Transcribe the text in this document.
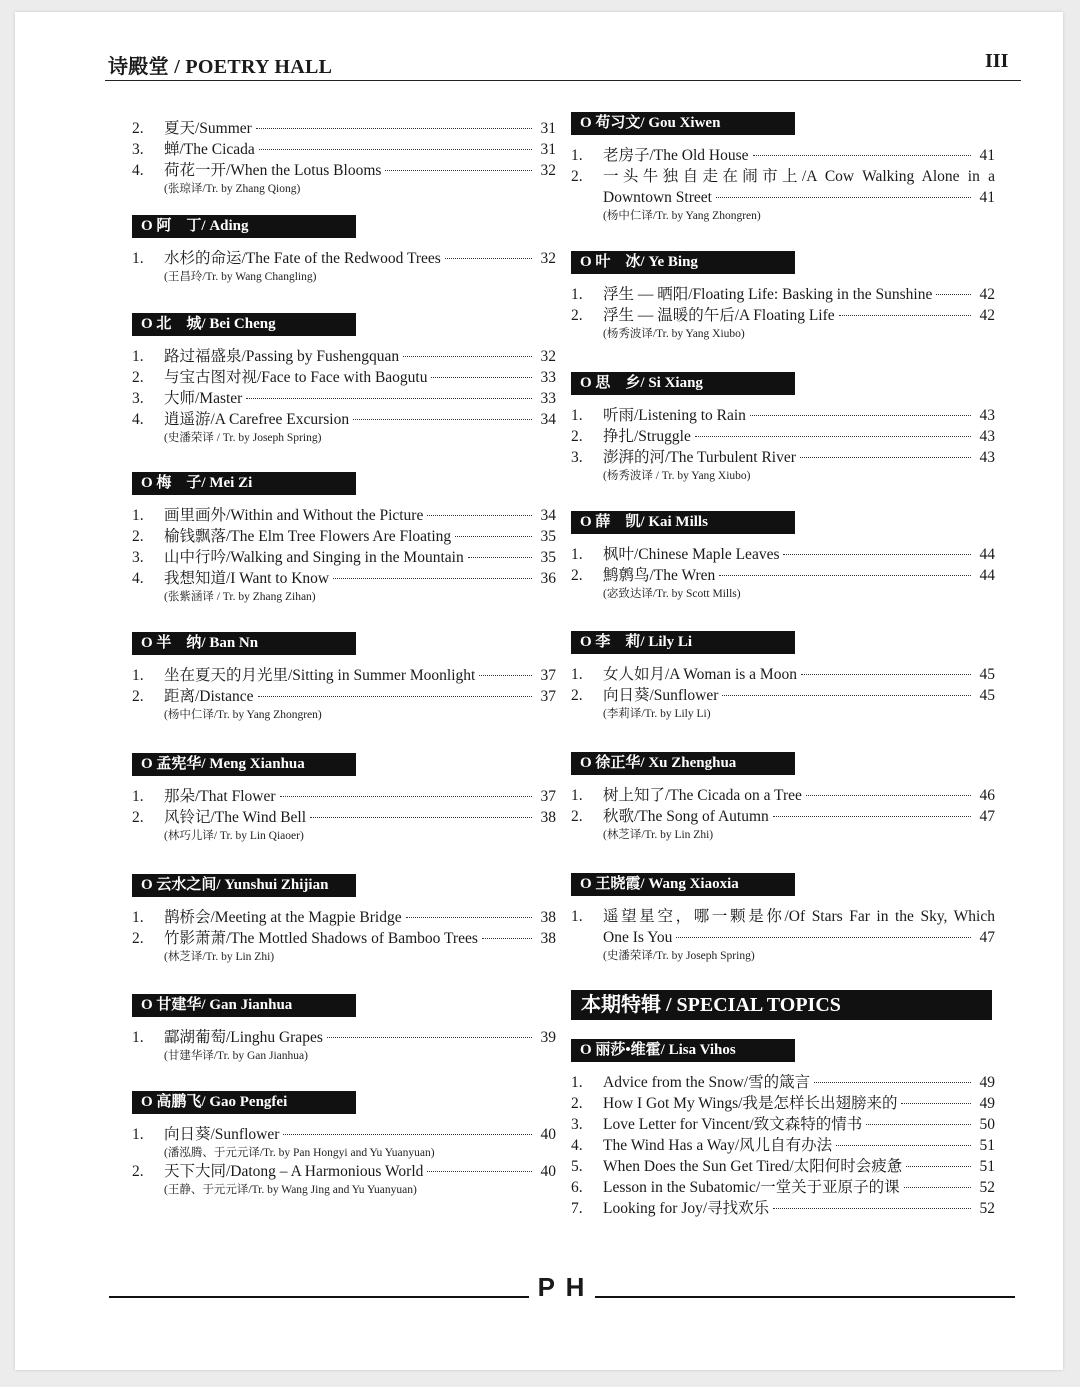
诗殿堂 / POETRY HALL	III
2. 夏天/Summer	31
3. 蝉/The Cicada	31
4. 荷花一开/When the Lotus Blooms	32
(张琼译/Tr. by Zhang Qiong)
O 阿　丁/ Ading
1. 水杉的命运/The Fate of the Redwood Trees	32
(王昌玲/Tr. by Wang Changling)
O 北　城/ Bei Cheng
1. 路过福盛泉/Passing by Fushengquan	32
2. 与宝古图对视/Face to Face with Baogutu	33
3. 大师/Master	33
4. 逍遥游/A Carefree Excursion	34
(史潘荣译 / Tr. by Joseph Spring)
O 梅　子/ Mei Zi
1. 画里画外/Within and Without the Picture	34
2. 榆钱飘落/The Elm Tree Flowers Are Floating	35
3. 山中行吟/Walking and Singing in the Mountain	35
4. 我想知道/I Want to Know	36
(张紫涵译 / Tr. by Zhang Zihan)
O 半　纳/ Ban Nn
1. 坐在夏天的月光里/Sitting in Summer Moonlight	37
2. 距离/Distance	37
(杨中仁译/Tr. by Yang Zhongren)
O 孟宪华/ Meng Xianhua
1. 那朵/That Flower	37
2. 风铃记/The Wind Bell	38
(林巧儿译/ Tr. by Lin Qiaoer)
O 云水之间/ Yunshui Zhijian
1. 鹊桥会/Meeting at the Magpie Bridge	38
2. 竹影萧萧/The Mottled Shadows of Bamboo Trees	38
(林芝译/Tr. by Lin Zhi)
O 甘建华/ Gan Jianhua
1. 酃湖葡萄/Linghu Grapes	39
(甘建华译/Tr. by Gan Jianhua)
O 高鹏飞/ Gao Pengfei
1. 向日葵/Sunflower	40
(潘泓腾、于元元译/Tr. by Pan Hongyi and Yu Yuanyuan)
2. 天下大同/Datong – A Harmonious World	40
(王静、于元元译/Tr. by Wang Jing and Yu Yuanyuan)
O 苟习文/ Gou Xiwen
1. 老房子/The Old House	41
2. 一头牛独自走在闹市上/A Cow Walking Alone in a
Downtown Street	41
(杨中仁译/Tr. by Yang Zhongren)
O 叶　冰/ Ye Bing
1. 浮生 — 晒阳/Floating Life: Basking in the Sunshine	42
2. 浮生 — 温暖的午后/A Floating Life	42
(杨秀波译/Tr. by Yang Xiubo)
O 思　乡/ Si Xiang
1. 听雨/Listening to Rain	43
2. 挣扎/Struggle	43
3. 澎湃的河/The Turbulent River	43
(杨秀波译 / Tr. by Yang Xiubo)
O 薛　凯/ Kai Mills
1. 枫叶/Chinese Maple Leaves	44
2. 鹪鹩鸟/The Wren	44
(宓致达译/Tr. by Scott Mills)
O 李　莉/ Lily Li
1. 女人如月/A Woman is a Moon	45
2. 向日葵/Sunflower	45
(李莉译/Tr. by Lily Li)
O 徐正华/ Xu Zhenghua
1. 树上知了/The Cicada on a Tree	46
2. 秋歌/The Song of Autumn	47
(林芝译/Tr. by Lin Zhi)
O 王晓霞/ Wang Xiaoxia
1. 遥望星空，哪一颗是你/Of Stars Far in the Sky, Which
One Is You	47
(史潘荣译/Tr. by Joseph Spring)
本期特辑 / SPECIAL TOPICS
O 丽莎•维霍/ Lisa Vihos
1. Advice from the Snow/雪的箴言	49
2. How I Got My Wings/我是怎样长出翅膀来的	49
3. Love Letter for Vincent/致文森特的情书	50
4. The Wind Has a Way/风儿自有办法	51
5. When Does the Sun Get Tired/太阳何时会疲惫	51
6. Lesson in the Subatomic/一堂关于亚原子的课	52
7. Looking for Joy/寻找欢乐	52
P H
